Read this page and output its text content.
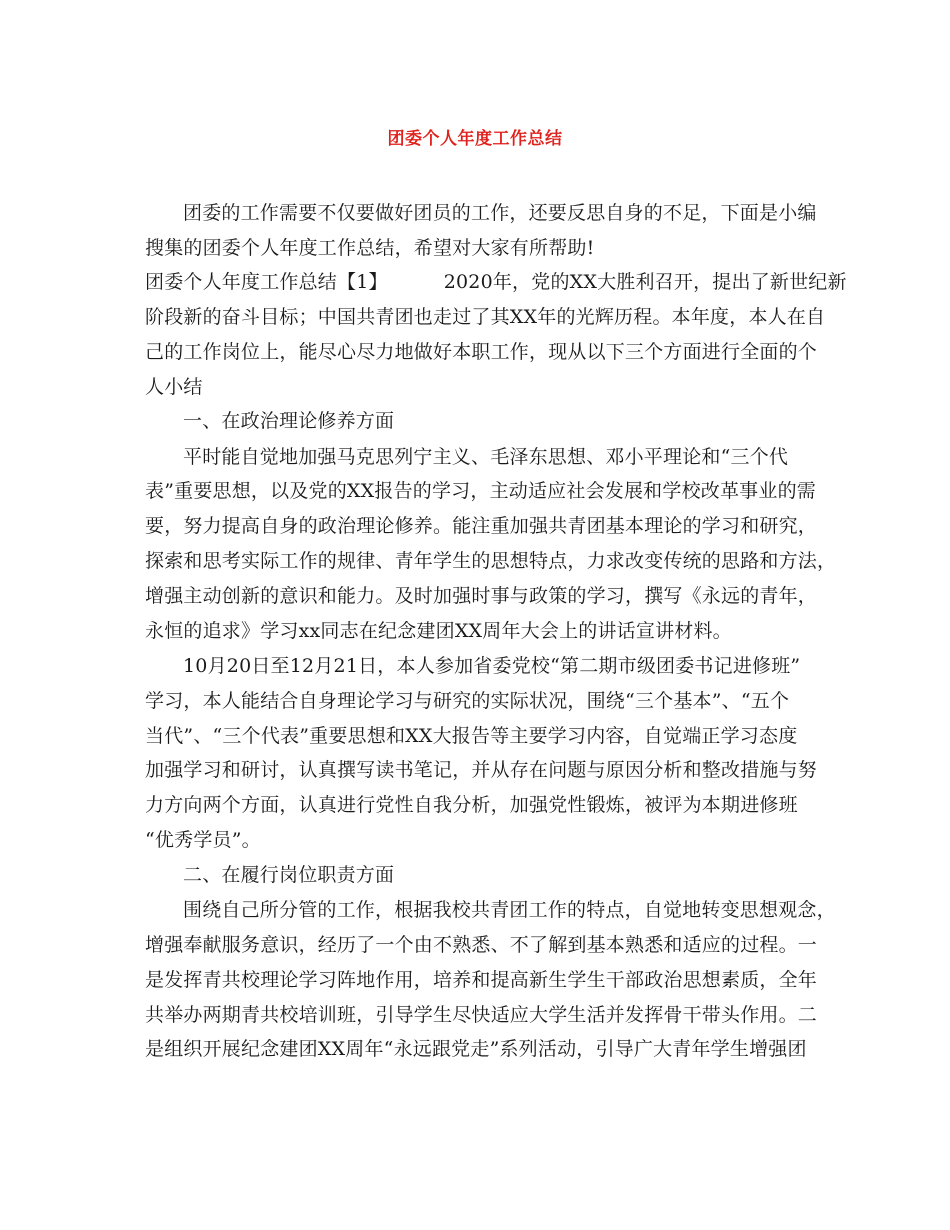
团委个人年度工作总结
团委的工作需要不仅要做好团员的工作，还要反思自身的不足，下面是小编
搜集的团委个人年度工作总结，希望对大家有所帮助!
团委个人年度工作总结【1】	2020年，党的XX大胜利召开，提出了新世纪新
阶段新的奋斗目标；中国共青团也走过了其XX年的光辉历程。本年度，本人在自
己的工作岗位上，能尽心尽力地做好本职工作，现从以下三个方面进行全面的个
人小结
一、在政治理论修养方面
平时能自觉地加强马克思列宁主义、毛泽东思想、邓小平理论和“三个代
表”重要思想，以及党的XX报告的学习，主动适应社会发展和学校改革事业的需
要，努力提高自身的政治理论修养。能注重加强共青团基本理论的学习和研究，
探索和思考实际工作的规律、青年学生的思想特点，力求改变传统的思路和方法，
增强主动创新的意识和能力。及时加强时事与政策的学习，撰写《永远的青年，
永恒的追求》学习xx同志在纪念建团XX周年大会上的讲话宣讲材料。
10月20日至12月21日，本人参加省委党校“第二期市级团委书记进修班”
学习，本人能结合自身理论学习与研究的实际状况，围绕“三个基本”、“五个
当代”、“三个代表”重要思想和XX大报告等主要学习内容，自觉端正学习态度
加强学习和研讨，认真撰写读书笔记，并从存在问题与原因分析和整改措施与努
力方向两个方面，认真进行党性自我分析，加强党性锻炼，被评为本期进修班
“优秀学员”。
二、在履行岗位职责方面
围绕自己所分管的工作，根据我校共青团工作的特点，自觉地转变思想观念，
增强奉献服务意识，经历了一个由不熟悉、不了解到基本熟悉和适应的过程。一
是发挥青共校理论学习阵地作用，培养和提高新生学生干部政治思想素质，全年
共举办两期青共校培训班，引导学生尽快适应大学生活并发挥骨干带头作用。二
是组织开展纪念建团XX周年“永远跟党走”系列活动，引导广大青年学生增强团
